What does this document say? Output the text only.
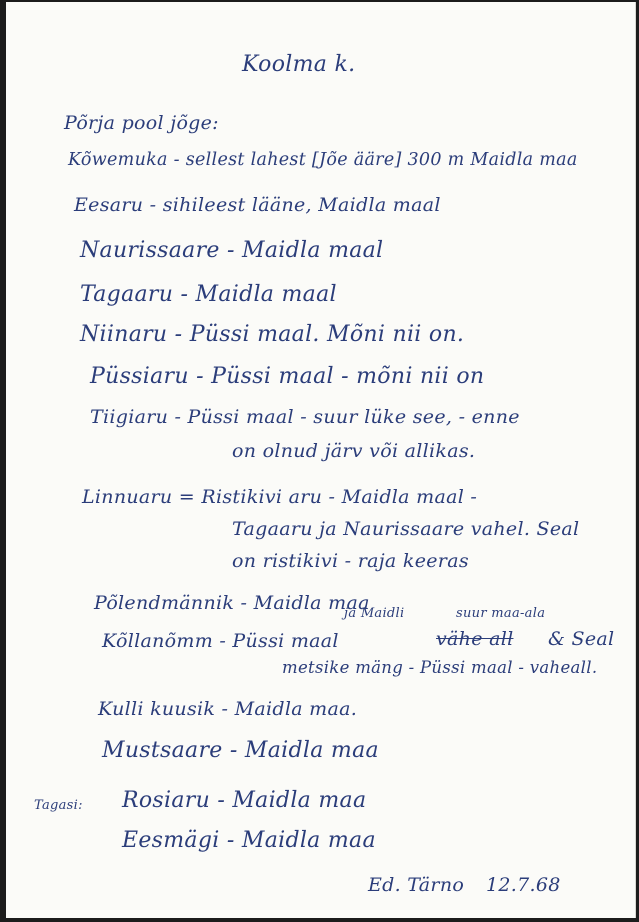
Koolma k.
Põrja pool jõge:
Kõwemuka - sellest lahest [Jõe ääre] 300 m Maidla maa
Eesaru - sihileest lääne, Maidla maal
Naurissaare - Maidla maal
Tagaaru - Maidla maal
Niinaru - Püssi maal. Mõni nii on.
Püssiaru - Püssi maal - mõni nii on
Tiigiaru - Püssi maal - suur lüke see, - enne
on olnud järv või allikas.
Linnuaru = Ristikivi aru - Maidla maal -
Tagaaru ja Naurissaare vahel. Seal
on ristikivi - raja keeras
Põlendmännik - Maidla maa
ja Maidli	suur maa-ala
Kõllanõmm - Püssi maal	vähe all & Seal
metsike mäng - Püssi maal - vaheall.
Kulli kuusik - Maidla maa.
Mustsaare - Maidla maa
Tagasi: Rosiaru - Maidla maa
Eesmägi - Maidla maa
Ed. Tärno 12.7.68
